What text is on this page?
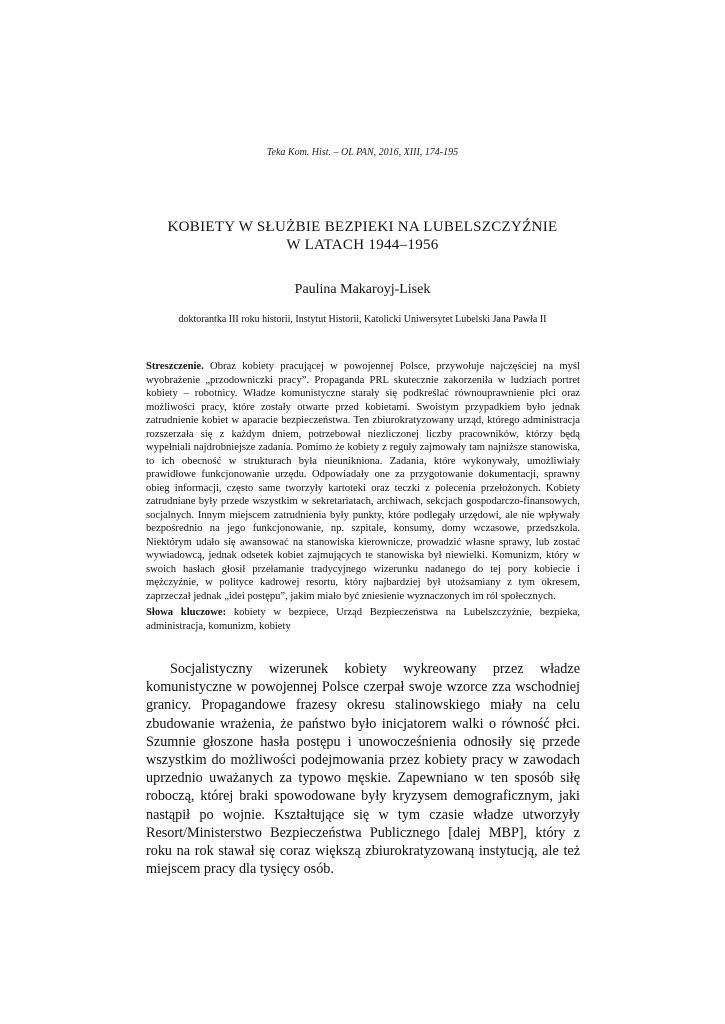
Teka Kom. Hist. – OL PAN, 2016, XIII, 174-195
KOBIETY W SŁUŻBIE BEZPIEKI NA LUBELSZCZYŹNIE
W LATACH 1944–1956
Paulina Makaroyj-Lisek
doktorantka III roku historii, Instytut Historii, Katolicki Uniwersytet Lubelski Jana Pawła II
Streszczenie. Obraz kobiety pracującej w powojennej Polsce, przywołuje najczęściej na myśl wyobrażenie „przodowniczki pracy”. Propaganda PRL skutecznie zakorzeniła w ludziach portret kobiety – robotnicy. Władze komunistyczne starały się podkreślać równouprawnienie płci oraz możliwości pracy, które zostały otwarte przed kobietami. Swoistym przypadkiem było jednak zatrudnienie kobiet w aparacie bezpieczeństwa. Ten zbiurokratyzowany urząd, którego administracja rozszerzała się z każdym dniem, potrzebował niezliczonej liczby pracowników, którzy będą wypełniali najdrobniejsze zadania. Pomimo że kobiety z reguły zajmowały tam najniższe stanowiska, to ich obecność w strukturach była nieunikniona. Zadania, które wykonywały, umożliwiały prawidłowe funkcjonowanie urzędu. Odpowiadały one za przygotowanie dokumentacji, sprawny obieg informacji, często same tworzyły kartoteki oraz teczki z polecenia przełożonych. Kobiety zatrudniane były przede wszystkim w sekretariatach, archiwach, sekcjach gospodarczo-finansowych, socjalnych. Innym miejscem zatrudnienia były punkty, które podlegały urzędowi, ale nie wpływały bezpośrednio na jego funkcjonowanie, np. szpitale, konsumy, domy wczasowe, przedszkola. Niektórym udało się awansować na stanowiska kierownicze, prowadzić własne sprawy, lub zostać wywiadowcą, jednak odsetek kobiet zajmujących te stanowiska był niewielki. Komunizm, który w swoich hasłach głosił przełamanie tradycyjnego wizerunku nadanego do tej pory kobiecie i mężczyźnie, w polityce kadrowej resortu, który najbardziej był utożsamiany z tym okresem, zaprzeczał jednak „idei postępu”, jakim miało być zniesienie wyznaczonych im ról społecznych.
Słowa kluczowe: kobiety w bezpiece, Urząd Bezpieczeństwa na Lubelszczyźnie, bezpieka, administracja, komunizm, kobiety
Socjalistyczny wizerunek kobiety wykreowany przez władze komunistyczne w powojennej Polsce czerpał swoje wzorce zza wschodniej granicy. Propagandowe frazesy okresu stalinowskiego miały na celu zbudowanie wrażenia, że państwo było inicjatorem walki o równość płci. Szumnie głoszone hasła postępu i unowocześnienia odnosiły się przede wszystkim do możliwości podejmowania przez kobiety pracy w zawodach uprzednio uważanych za typowo męskie. Zapewniano w ten sposób siłę roboczą, której braki spowodowane były kryzysem demograficznym, jaki nastąpił po wojnie. Kształtujące się w tym czasie władze utworzyły Resort/Ministerstwo Bezpieczeństwa Publicznego [dalej MBP], który z roku na rok stawał się coraz większą zbiurokratyzowaną instytucją, ale też miejscem pracy dla tysięcy osób.
